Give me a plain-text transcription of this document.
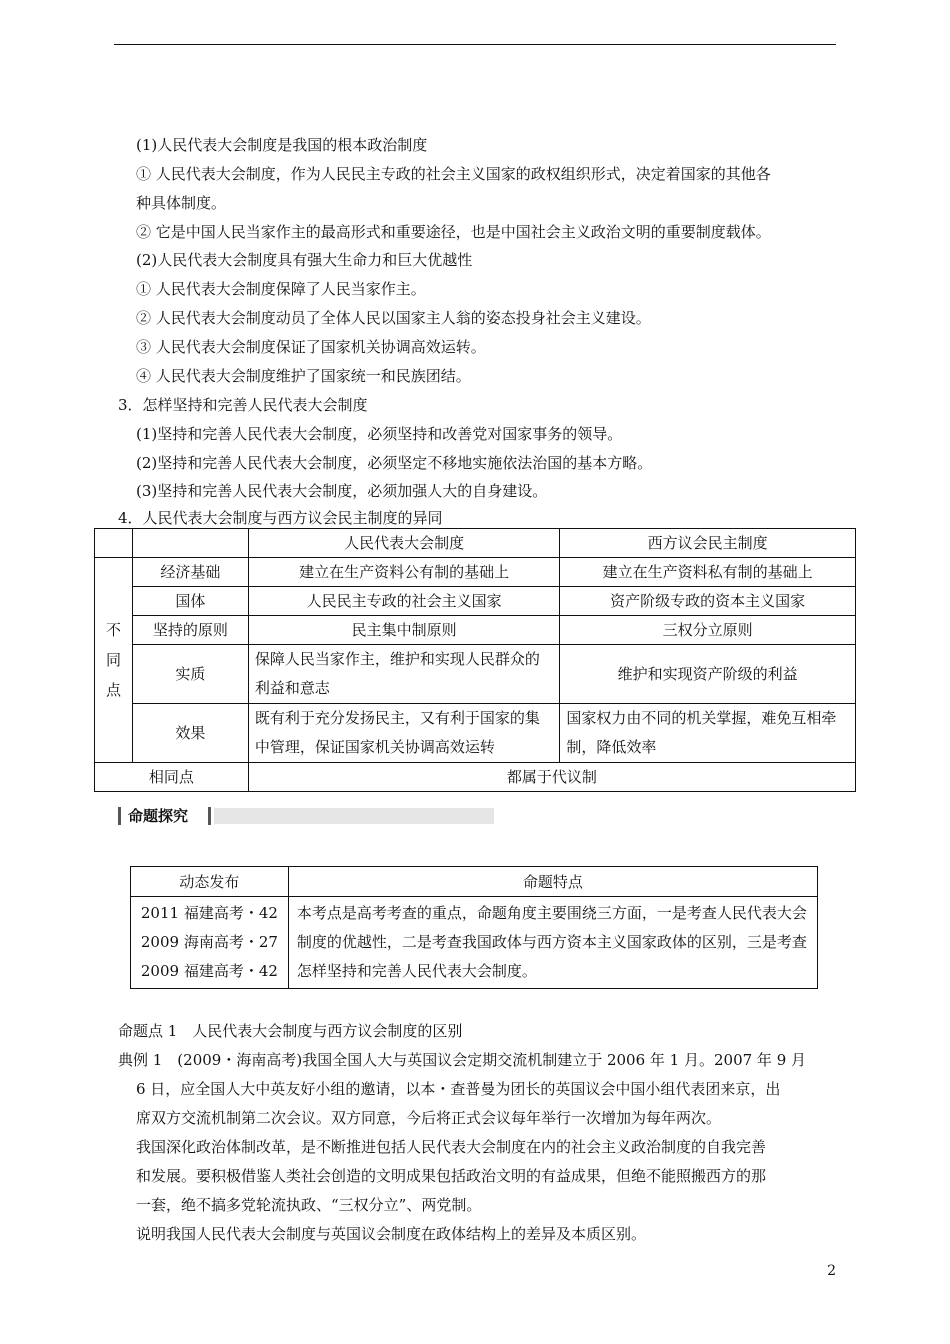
(1)人民代表大会制度是我国的根本政治制度
① 人民代表大会制度，作为人民民主专政的社会主义国家的政权组织形式，决定着国家的其他各
种具体制度。
② 它是中国人民当家作主的最高形式和重要途径，也是中国社会主义政治文明的重要制度载体。
(2)人民代表大会制度具有强大生命力和巨大优越性
① 人民代表大会制度保障了人民当家作主。
② 人民代表大会制度动员了全体人民以国家主人翁的姿态投身社会主义建设。
③ 人民代表大会制度保证了国家机关协调高效运转。
④ 人民代表大会制度维护了国家统一和民族团结。
3．怎样坚持和完善人民代表大会制度
(1)坚持和完善人民代表大会制度，必须坚持和改善党对国家事务的领导。
(2)坚持和完善人民代表大会制度，必须坚定不移地实施依法治国的基本方略。
(3)坚持和完善人民代表大会制度，必须加强人大的自身建设。
4．人民代表大会制度与西方议会民主制度的异同
		人民代表大会制度	西方议会民主制度

不
同
点	经济基础	建立在生产资料公有制的基础上	建立在生产资料私有制的基础上
	国体	人民民主专政的社会主义国家	资产阶级专政的资本主义国家
	坚持的原则	民主集中制原则	三权分立原则
	实质	保障人民当家作主，维护和实现人民群众的利益和意志	维护和实现资产阶级的利益
	效果	既有利于充分发扬民主，又有利于国家的集中管理，保证国家机关协调高效运转	国家权力由不同的机关掌握，难免互相牵制，降低效率
相同点		都属于代议制	
命题探究
动态发布	命题特点

2011 福建高考・42
2009 海南高考・27
2009 福建高考・42	本考点是高考考查的重点，命题角度主要围绕三方面，一是考查人民代表大会制度的优越性，二是考查我国政体与西方资本主义国家政体的区别，三是考查怎样坚持和完善人民代表大会制度。
命题点 1　人民代表大会制度与西方议会制度的区别
典例 1　(2009・海南高考)我国全国人大与英国议会定期交流机制建立于 2006 年 1 月。2007 年 9 月
6 日，应全国人大中英友好小组的邀请，以本・查普曼为团长的英国议会中国小组代表团来京，出
席双方交流机制第二次会议。双方同意，今后将正式会议每年举行一次增加为每年两次。
我国深化政治体制改革，是不断推进包括人民代表大会制度在内的社会主义政治制度的自我完善
和发展。要积极借鉴人类社会创造的文明成果包括政治文明的有益成果，但绝不能照搬西方的那
一套，绝不搞多党轮流执政、“三权分立”、两党制。
说明我国人民代表大会制度与英国议会制度在政体结构上的差异及本质区别。
2
